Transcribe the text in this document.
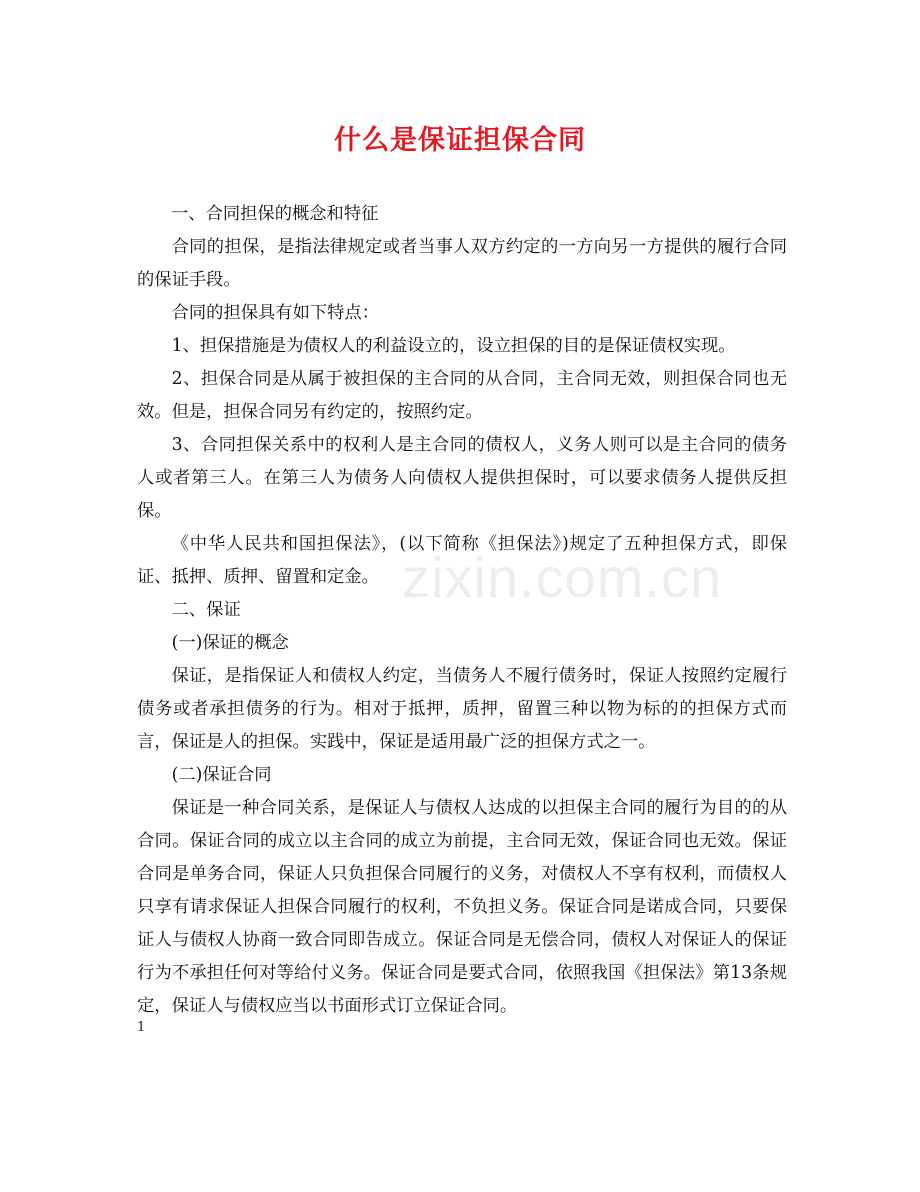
什么是保证担保合同

一、合同担保的概念和特征

合同的担保，是指法律规定或者当事人双方约定的一方向另一方提供的履行合同的保证手段。

合同的担保具有如下特点：

1、担保措施是为债权人的利益设立的，设立担保的目的是保证债权实现。

2、担保合同是从属于被担保的主合同的从合同，主合同无效，则担保合同也无效。但是，担保合同另有约定的，按照约定。

3、合同担保关系中的权利人是主合同的债权人，义务人则可以是主合同的债务人或者第三人。在第三人为债务人向债权人提供担保时，可以要求债务人提供反担保。

《中华人民共和国担保法》，(以下简称《担保法》)规定了五种担保方式，即保证、抵押、质押、留置和定金。

二、保证

(一)保证的概念

保证，是指保证人和债权人约定，当债务人不履行债务时，保证人按照约定履行债务或者承担债务的行为。相对于抵押，质押，留置三种以物为标的的担保方式而言，保证是人的担保。实践中，保证是适用最广泛的担保方式之一。

(二)保证合同

保证是一种合同关系，是保证人与债权人达成的以担保主合同的履行为目的的从合同。保证合同的成立以主合同的成立为前提，主合同无效，保证合同也无效。保证合同是单务合同，保证人只负担保合同履行的义务，对债权人不享有权利，而债权人只享有请求保证人担保合同履行的权利，不负担义务。保证合同是诺成合同，只要保证人与债权人协商一致合同即告成立。保证合同是无偿合同，债权人对保证人的保证行为不承担任何对等给付义务。保证合同是要式合同，依照我国《担保法》第13条规定，保证人与债权应当以书面形式订立保证合同。

zixin.com.cn
1
